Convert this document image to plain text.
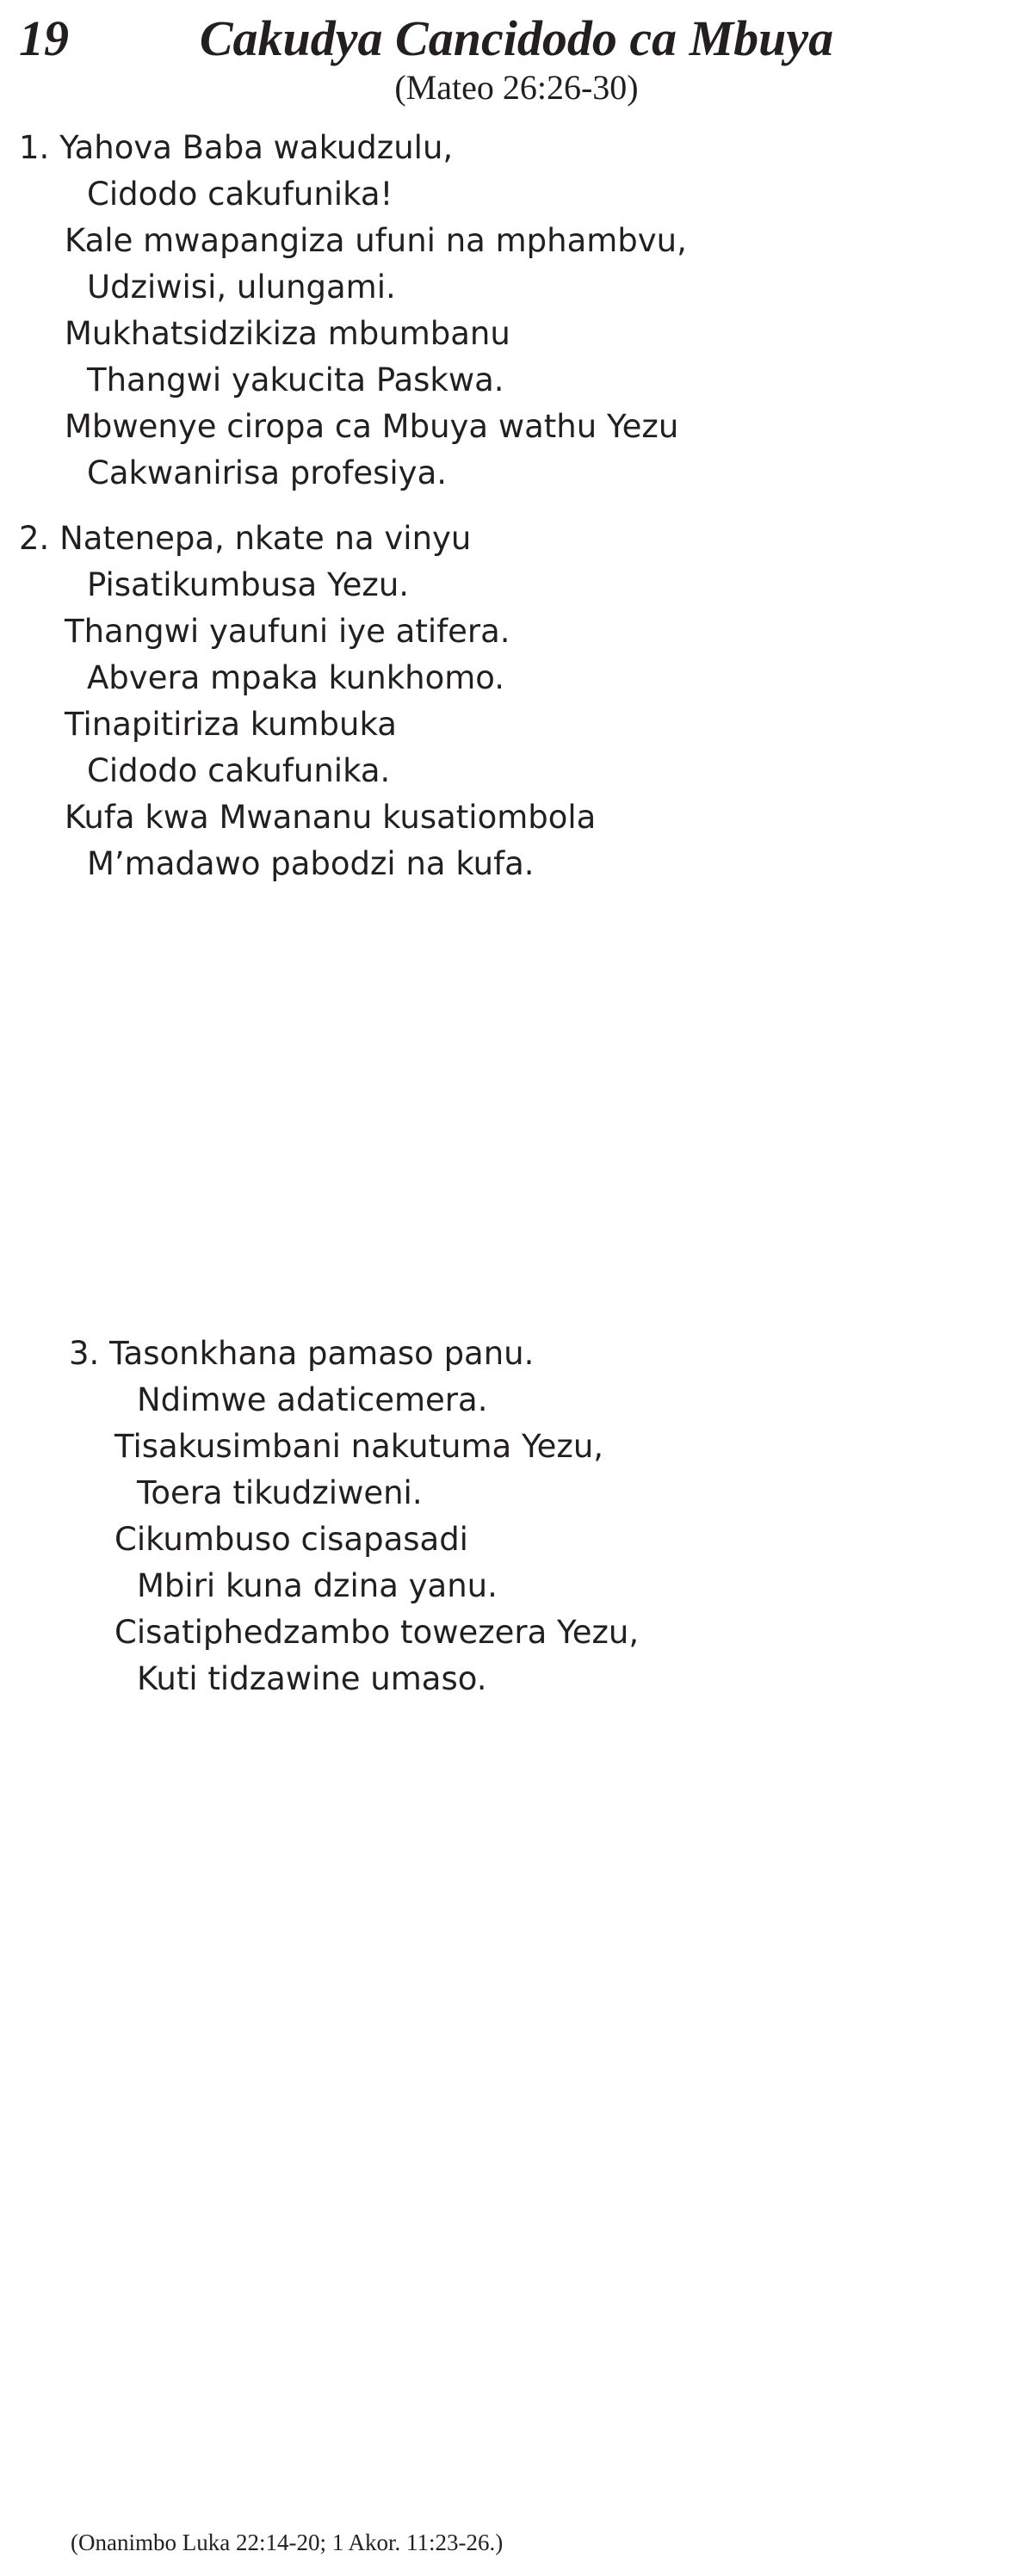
19	Cakudya Cancidodo ca Mbuya
(Mateo 26:26-30)
1. Yahova Baba wakudzulu,
Cidodo cakufunika!
Kale mwapangiza ufuni na mphambvu,
Udziwisi, ulungami.
Mukhatsidzikiza mbumbanu
Thangwi yakucita Paskwa.
Mbwenye ciropa ca Mbuya wathu Yezu
Cakwanirisa profesiya.
2. Natenepa, nkate na vinyu
Pisatikumbusa Yezu.
Thangwi yaufuni iye atifera.
Abvera mpaka kunkhomo.
Tinapitiriza kumbuka
Cidodo cakufunika.
Kufa kwa Mwananu kusatiombola
M’madawo pabodzi na kufa.
3. Tasonkhana pamaso panu.
Ndimwe adaticemera.
Tisakusimbani nakutuma Yezu,
Toera tikudziweni.
Cikumbuso cisapasadi
Mbiri kuna dzina yanu.
Cisatiphedzambo towezera Yezu,
Kuti tidzawine umaso.
(Onanimbo Luka 22:14-20; 1 Akor. 11:23-26.)
